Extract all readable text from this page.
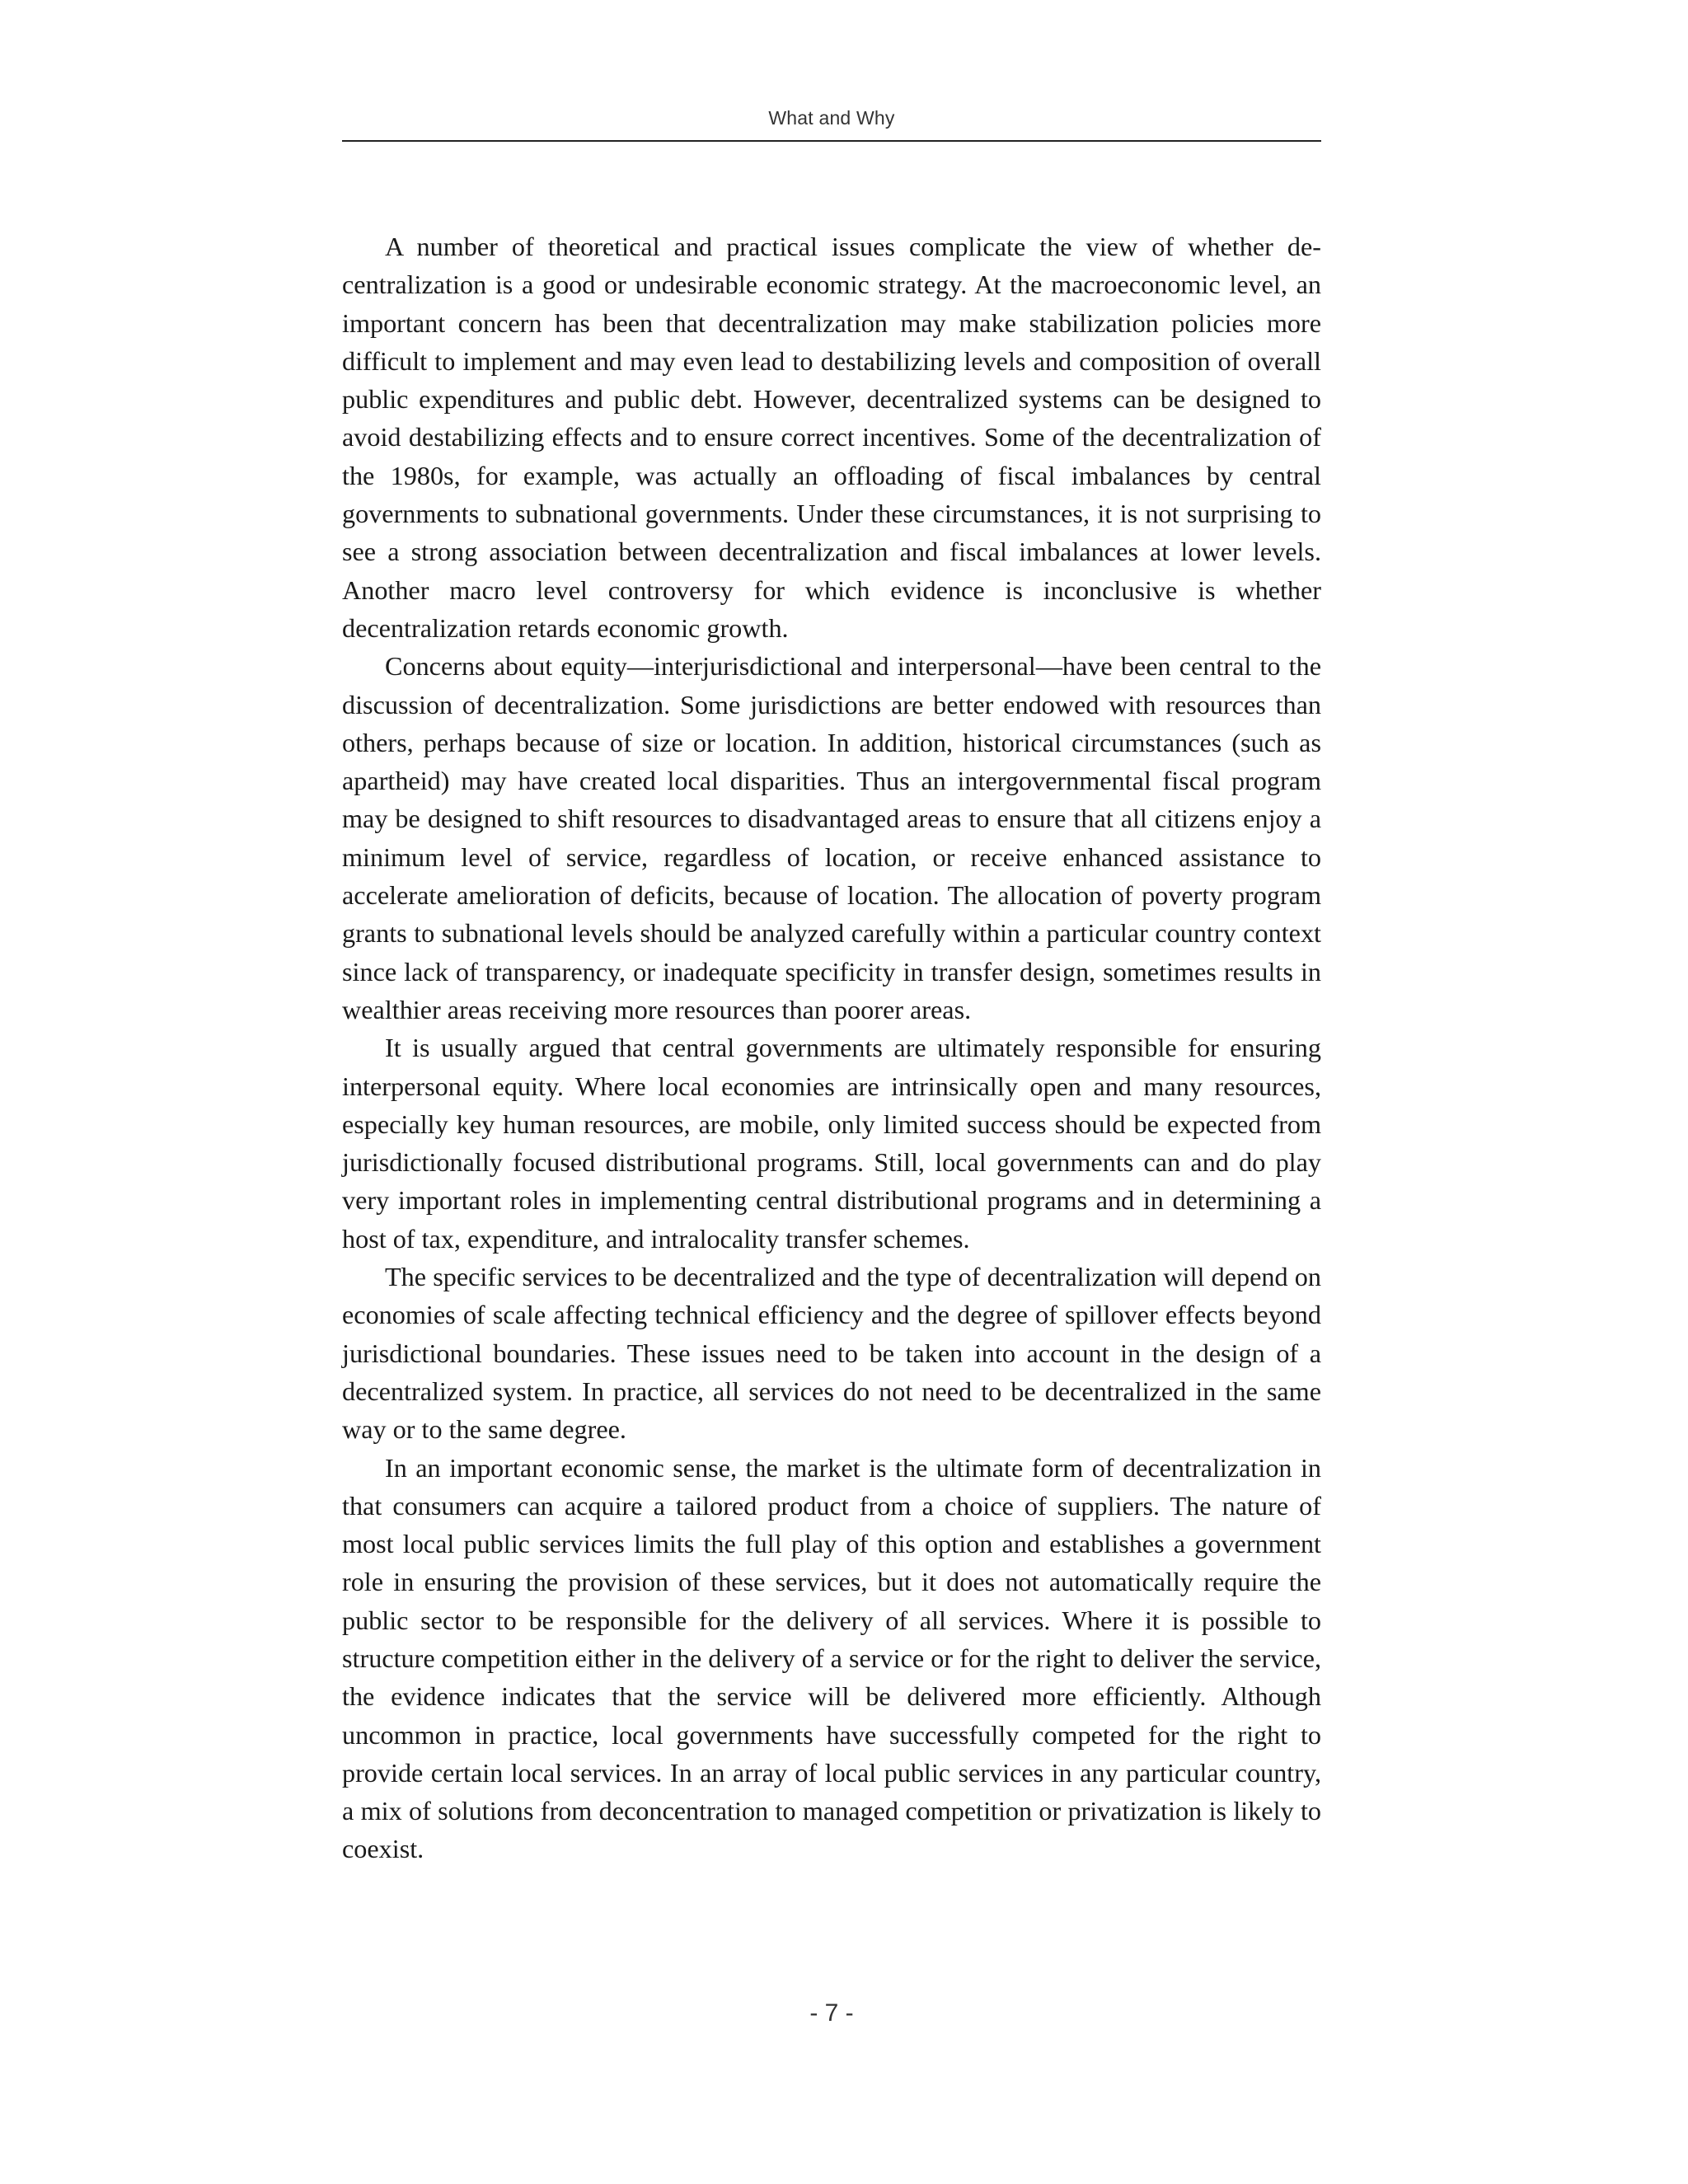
What and Why

A number of theoretical and practical issues complicate the view of whether decentralization is a good or undesirable economic strategy. At the macroeconomic level, an important concern has been that decentralization may make stabilization policies more difficult to implement and may even lead to destabilizing levels and composition of overall public expenditures and public debt. However, decentralized systems can be designed to avoid destabilizing effects and to ensure correct incentives. Some of the decentralization of the 1980s, for example, was actually an offloading of fiscal imbalances by central governments to subnational governments. Under these circumstances, it is not surprising to see a strong association between decentralization and fiscal imbalances at lower levels. Another macro level controversy for which evidence is inconclusive is whether decentralization retards economic growth.

Concerns about equity—interjurisdictional and interpersonal—have been central to the discussion of decentralization. Some jurisdictions are better endowed with resources than others, perhaps because of size or location. In addition, historical circumstances (such as apartheid) may have created local disparities. Thus an intergovernmental fiscal program may be designed to shift resources to disadvantaged areas to ensure that all citizens enjoy a minimum level of service, regardless of location, or receive enhanced assistance to accelerate amelioration of deficits, because of location. The allocation of poverty program grants to subnational levels should be analyzed carefully within a particular country context since lack of transparency, or inadequate specificity in transfer design, sometimes results in wealthier areas receiving more resources than poorer areas.

It is usually argued that central governments are ultimately responsible for ensuring interpersonal equity. Where local economies are intrinsically open and many resources, especially key human resources, are mobile, only limited success should be expected from jurisdictionally focused distributional programs. Still, local governments can and do play very important roles in implementing central distributional programs and in determining a host of tax, expenditure, and intralocality transfer schemes.

The specific services to be decentralized and the type of decentralization will depend on economies of scale affecting technical efficiency and the degree of spillover effects beyond jurisdictional boundaries. These issues need to be taken into account in the design of a decentralized system. In practice, all services do not need to be decentralized in the same way or to the same degree.

In an important economic sense, the market is the ultimate form of decentralization in that consumers can acquire a tailored product from a choice of suppliers. The nature of most local public services limits the full play of this option and establishes a government role in ensuring the provision of these services, but it does not automatically require the public sector to be responsible for the delivery of all services. Where it is possible to structure competition either in the delivery of a service or for the right to deliver the service, the evidence indicates that the service will be delivered more efficiently. Although uncommon in practice, local governments have successfully competed for the right to provide certain local services. In an array of local public services in any particular country, a mix of solutions from deconcentration to managed competition or privatization is likely to coexist.

- 7 -
